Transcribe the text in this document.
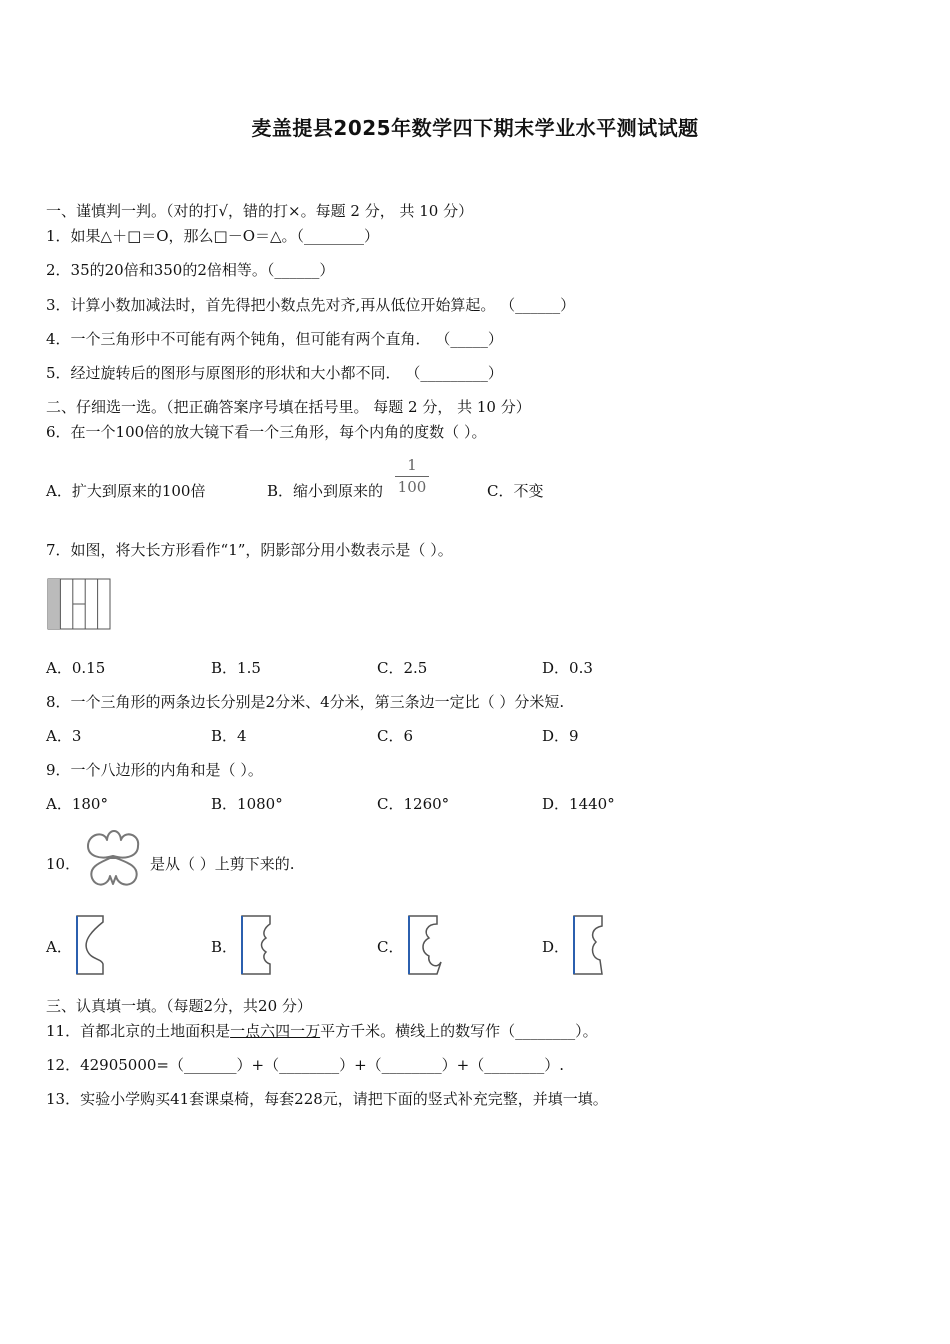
麦盖提县2025年数学四下期末学业水平测试试题
一、谨慎判一判。（对的打√，错的打×。每题 2 分， 共 10 分）
1．如果△＋□＝O，那么□－O＝△。（________）
2．35的20倍和350的2倍相等。（______）
3．计算小数加减法时，首先得把小数点先对齐,再从低位开始算起。 （______）
4．一个三角形中不可能有两个钝角，但可能有两个直角． （_____）
5．经过旋转后的图形与原图形的形状和大小都不同． （_________）
二、仔细选一选。（把正确答案序号填在括号里。 每题 2 分， 共 10 分）
6．在一个100倍的放大镜下看一个三角形，每个内角的度数（ ）。
A．扩大到原来的100倍	B．缩小到原来的
1
100	C．不变
7．如图，将大长方形看作“1”，阴影部分用小数表示是（ ）。
A．0.15	B．1.5	C．2.5	D．0.3
8．一个三角形的两条边长分别是2分米、4分米，第三条边一定比（ ）分米短.
A．3	B．4	C．6	D．9
9．一个八边形的内角和是（ ）。
A．180°	B．1080°	C．1260°	D．1440°
10．	是从（ ）上剪下来的.
A．	B．	C．	D．
三、认真填一填。（每题2分，共20 分）
11．首都北京的土地面积是一点六四一万平方千米。横线上的数写作（________）。
12．42905000=（_______）+（________）+（________）+（________）.
13．实验小学购买41套课桌椅，每套228元，请把下面的竖式补充完整，并填一填。
